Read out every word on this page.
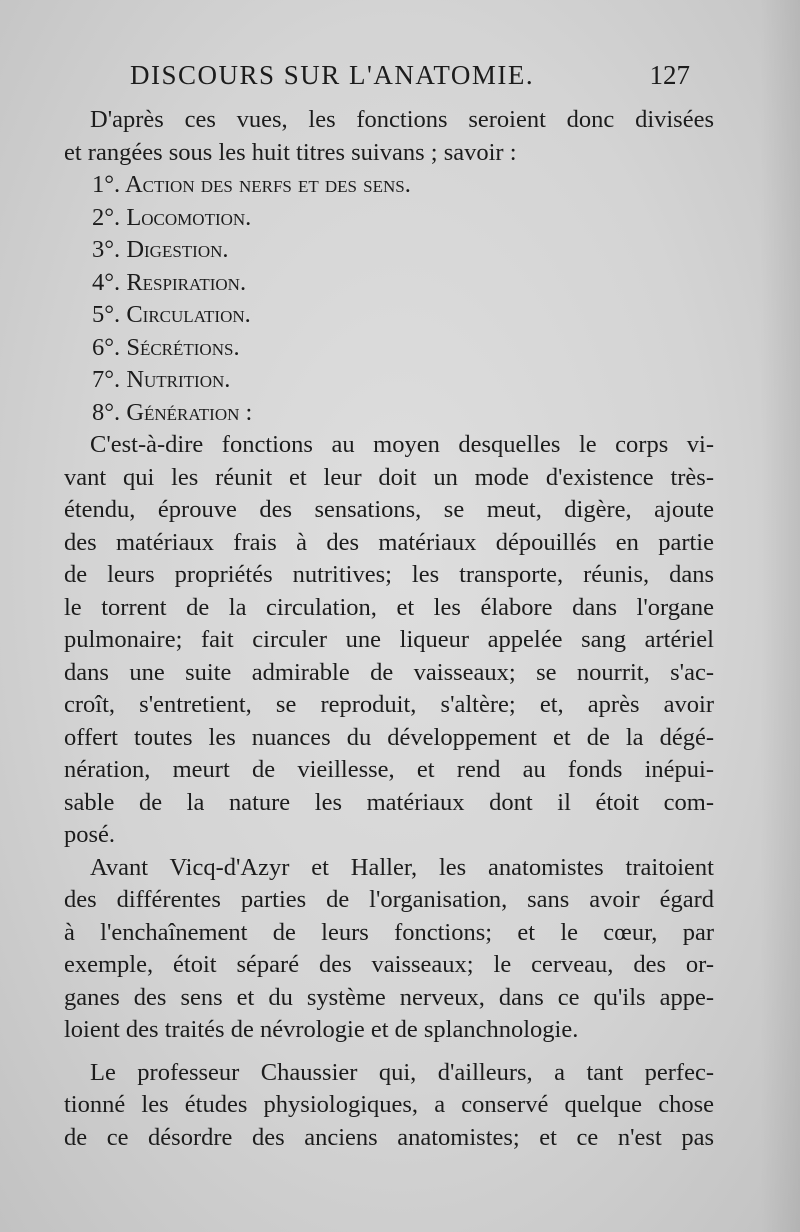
DISCOURS SUR L'ANATOMIE.	127
D'après ces vues, les fonctions seroient donc divisées
et rangées sous les huit titres suivans ; savoir :
1°. Action des nerfs et des sens.
2°. Locomotion.
3°. Digestion.
4°. Respiration.
5°. Circulation.
6°. Sécrétions.
7°. Nutrition.
8°. Génération :
C'est-à-dire fonctions au moyen desquelles le corps vi-
vant qui les réunit et leur doit un mode d'existence très-
étendu, éprouve des sensations, se meut, digère, ajoute
des matériaux frais à des matériaux dépouillés en partie
de leurs propriétés nutritives; les transporte, réunis, dans
le torrent de la circulation, et les élabore dans l'organe
pulmonaire; fait circuler une liqueur appelée sang artériel
dans une suite admirable de vaisseaux; se nourrit, s'ac-
croît, s'entretient, se reproduit, s'altère; et, après avoir
offert toutes les nuances du développement et de la dégé-
nération, meurt de vieillesse, et rend au fonds inépui-
sable de la nature les matériaux dont il étoit com-
posé.
Avant Vicq-d'Azyr et Haller, les anatomistes traitoient
des différentes parties de l'organisation, sans avoir égard
à l'enchaînement de leurs fonctions; et le cœur, par
exemple, étoit séparé des vaisseaux; le cerveau, des or-
ganes des sens et du système nerveux, dans ce qu'ils appe-
loient des traités de névrologie et de splanchnologie.
Le professeur Chaussier qui, d'ailleurs, a tant perfec-
tionné les études physiologiques, a conservé quelque chose
de ce désordre des anciens anatomistes; et ce n'est pas
